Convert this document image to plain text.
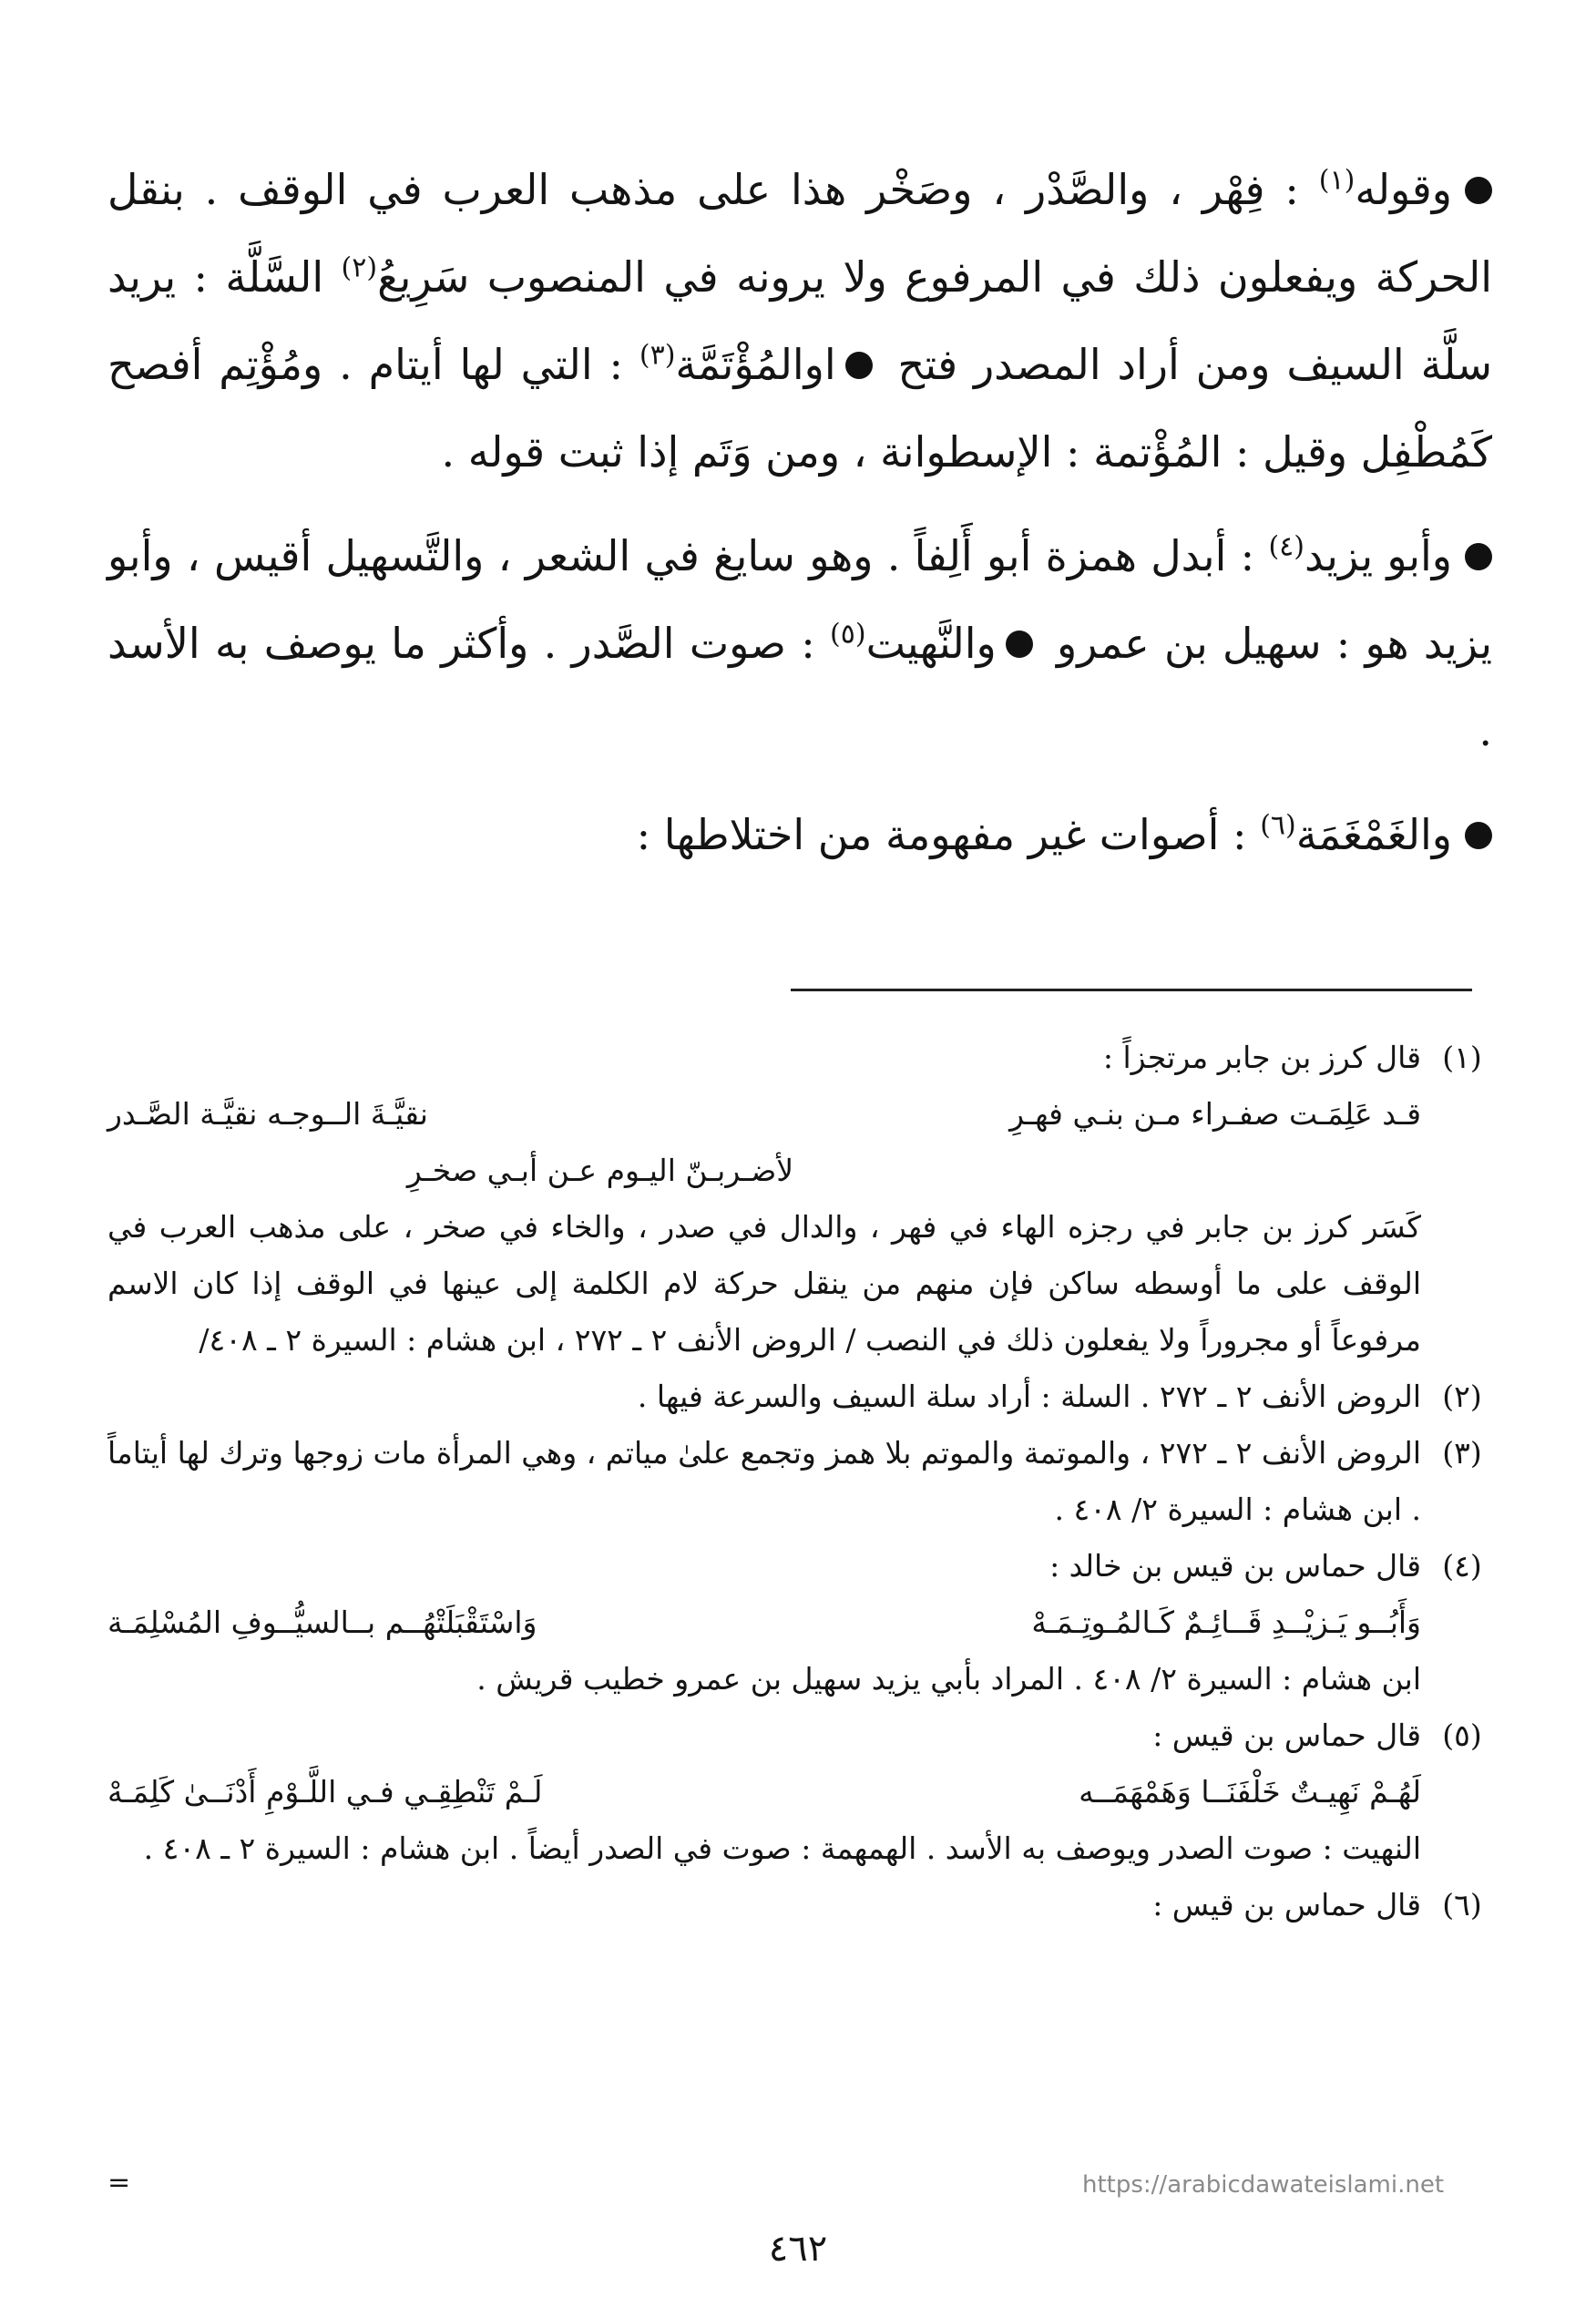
وقوله$^{(١)}$ : فِهْر ، والصَّدْر ، وصَخْر هذا على مذهب العرب في الوقف . بنقل الحركة ويفعلون ذلك في المرفوع ولا يرونه في المنصوب سَرِيعُ$^{(٢)}$ السَّلَّة : يريد سلَّة السيف ومن أراد المصدر فتح اوالمُؤْتَمَّة$^{(٣)}$ : التي لها أيتام . ومُؤْتِم أفصح كَمُطْفِل وقيل : المُؤْتمة : الإسطوانة ، ومن وَتَم إذا ثبت قوله .

وأبو يزيد$^{(٤)}$ : أبدل همزة أبو أَلِفاً . وهو سايغ في الشعر ، والتَّسهيل أقيس ، وأبو يزيد هو : سهيل بن عمرو والنَّهيت$^{(٥)}$ : صوت الصَّدر . وأكثر ما يوصف به الأسد .

والغَمْغَمَة$^{(٦)}$ : أصوات غير مفهومة من اختلاطها :

(١)
قال كرز بن جابر مرتجزاً :
قـد عَلِمَـت صفـراء مـن بنـي فهـرِ
نقيَّـةَ الــوجـه نقيَّـة الصَّـدر
لأضـربـنّ اليـوم عـن أبـي صخـرِ
كَسَر كرز بن جابر في رجزه الهاء في فهر ، والدال في صدر ، والخاء في صخر ، على مذهب العرب في الوقف على ما أوسطه ساكن فإن منهم من ينقل حركة لام الكلمة إلى عينها في الوقف إذا كان الاسم مرفوعاً أو مجروراً ولا يفعلون ذلك في النصب / الروض الأنف ٢ ـ ٢٧٢ ، ابن هشام : السيرة ٢ ـ ٤٠٨/
(٢)
الروض الأنف ٢ ـ ٢٧٢ . السلة : أراد سلة السيف والسرعة فيها .
(٣)
الروض الأنف ٢ ـ ٢٧٢ ، والموتمة والموتم بلا همز وتجمع علىٰ مياتم ، وهي المرأة مات زوجها وترك لها أيتاماً . ابن هشام : السيرة ٢/ ٤٠٨ .
(٤)
قال حماس بن قيس بن خالد :
وَأَبُــو يَـزيْــدِ قَــائِـمٌ كَـالمُـوتِـمَـهْ
وَاسْتَقْبَلَتْهُــم بــالسيُّــوفِ المُسْلِمَـة
ابن هشام : السيرة ٢/ ٤٠٨ . المراد بأبي يزيد سهيل بن عمرو خطيب قريش .
(٥)
قال حماس بن قيس :
لَهُـمْ نَهِيـتٌ خَلْفَنَــا وَهَمْهَمَــه
لَـمْ تَنْطِقِـي فـي اللَّـوْمِ أَدْنَــىٰ كَلِمَـهْ
النهيت : صوت الصدر ويوصف به الأسد . الهمهمة : صوت في الصدر أيضاً . ابن هشام : السيرة ٢ ـ ٤٠٨ .
(٦)
قال حماس بن قيس :
=	https://arabicdawateislami.net
٤٦٢
